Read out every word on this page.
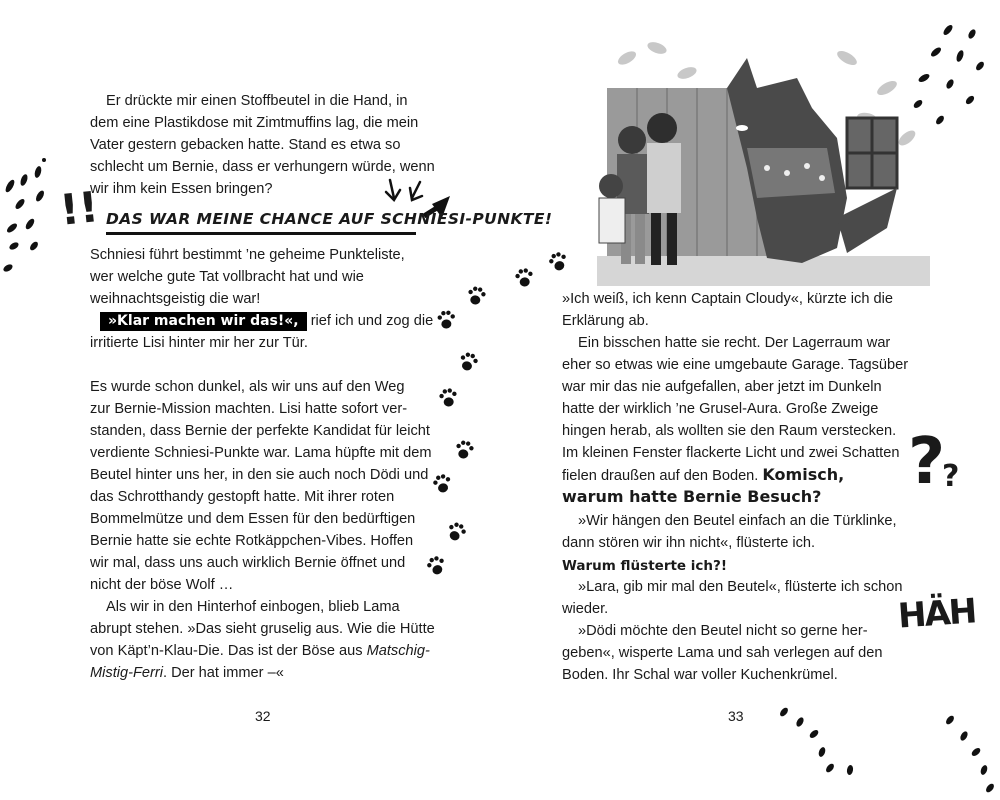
!!
Er drückte mir einen Stoffbeutel in die Hand, in
dem eine Plastikdose mit Zimtmuffins lag, die mein
Vater gestern gebacken hatte. Stand es etwa so
schlecht um Bernie, dass er verhungern würde, wenn
wir ihm kein Essen bringen?
DAS WAR MEINE CHANCE AUF SCHNIESI-PUNKTE!
Schniesi führt bestimmt ’ne geheime Punkteliste,
wer welche gute Tat vollbracht hat und wie
weihnachtsgeistig die war!
»Klar machen wir das!«, rief ich und zog die
irritierte Lisi hinter mir her zur Tür.
Es wurde schon dunkel, als wir uns auf den Weg
zur Bernie-Mission machten. Lisi hatte sofort ver-
standen, dass Bernie der perfekte Kandidat für leicht
verdiente Schniesi-Punkte war. Lama hüpfte mit dem
Beutel hinter uns her, in den sie auch noch Dödi und
das Schrotthandy gestopft hatte. Mit ihrer roten
Bommelmütze und dem Essen für den bedürftigen
Bernie hatte sie echte Rotkäppchen-Vibes. Hoffen
wir mal, dass uns auch wirklich Bernie öffnet und
nicht der böse Wolf …
Als wir in den Hinterhof einbogen, blieb Lama
abrupt stehen. »Das sieht gruselig aus. Wie die Hütte
von Käpt’n-Klau-Die. Das ist der Böse aus Matschig-
Mistig-Ferri. Der hat immer –«
32
»Ich weiß, ich kenn Captain Cloudy«, kürzte ich die
Erklärung ab.
Ein bisschen hatte sie recht. Der Lagerraum war
eher so etwas wie eine umgebaute Garage. Tagsüber
war mir das nie aufgefallen, aber jetzt im Dunkeln
hatte der wirklich ’ne Grusel-Aura. Große Zweige
hingen herab, als wollten sie den Raum verstecken.
Im kleinen Fenster flackerte Licht und zwei Schatten
fielen draußen auf den Boden. Komisch,
warum hatte Bernie Besuch?
»Wir hängen den Beutel einfach an die Türklinke,
dann stören wir ihn nicht«, flüsterte ich.
Warum flüsterte ich?!
»Lara, gib mir mal den Beutel«, flüsterte ich schon
wieder.
»Dödi möchte den Beutel nicht so gerne her-
geben«, wisperte Lama und sah verlegen auf den
Boden. Ihr Schal war voller Kuchenkrümel.
?
?
HÄH
33
